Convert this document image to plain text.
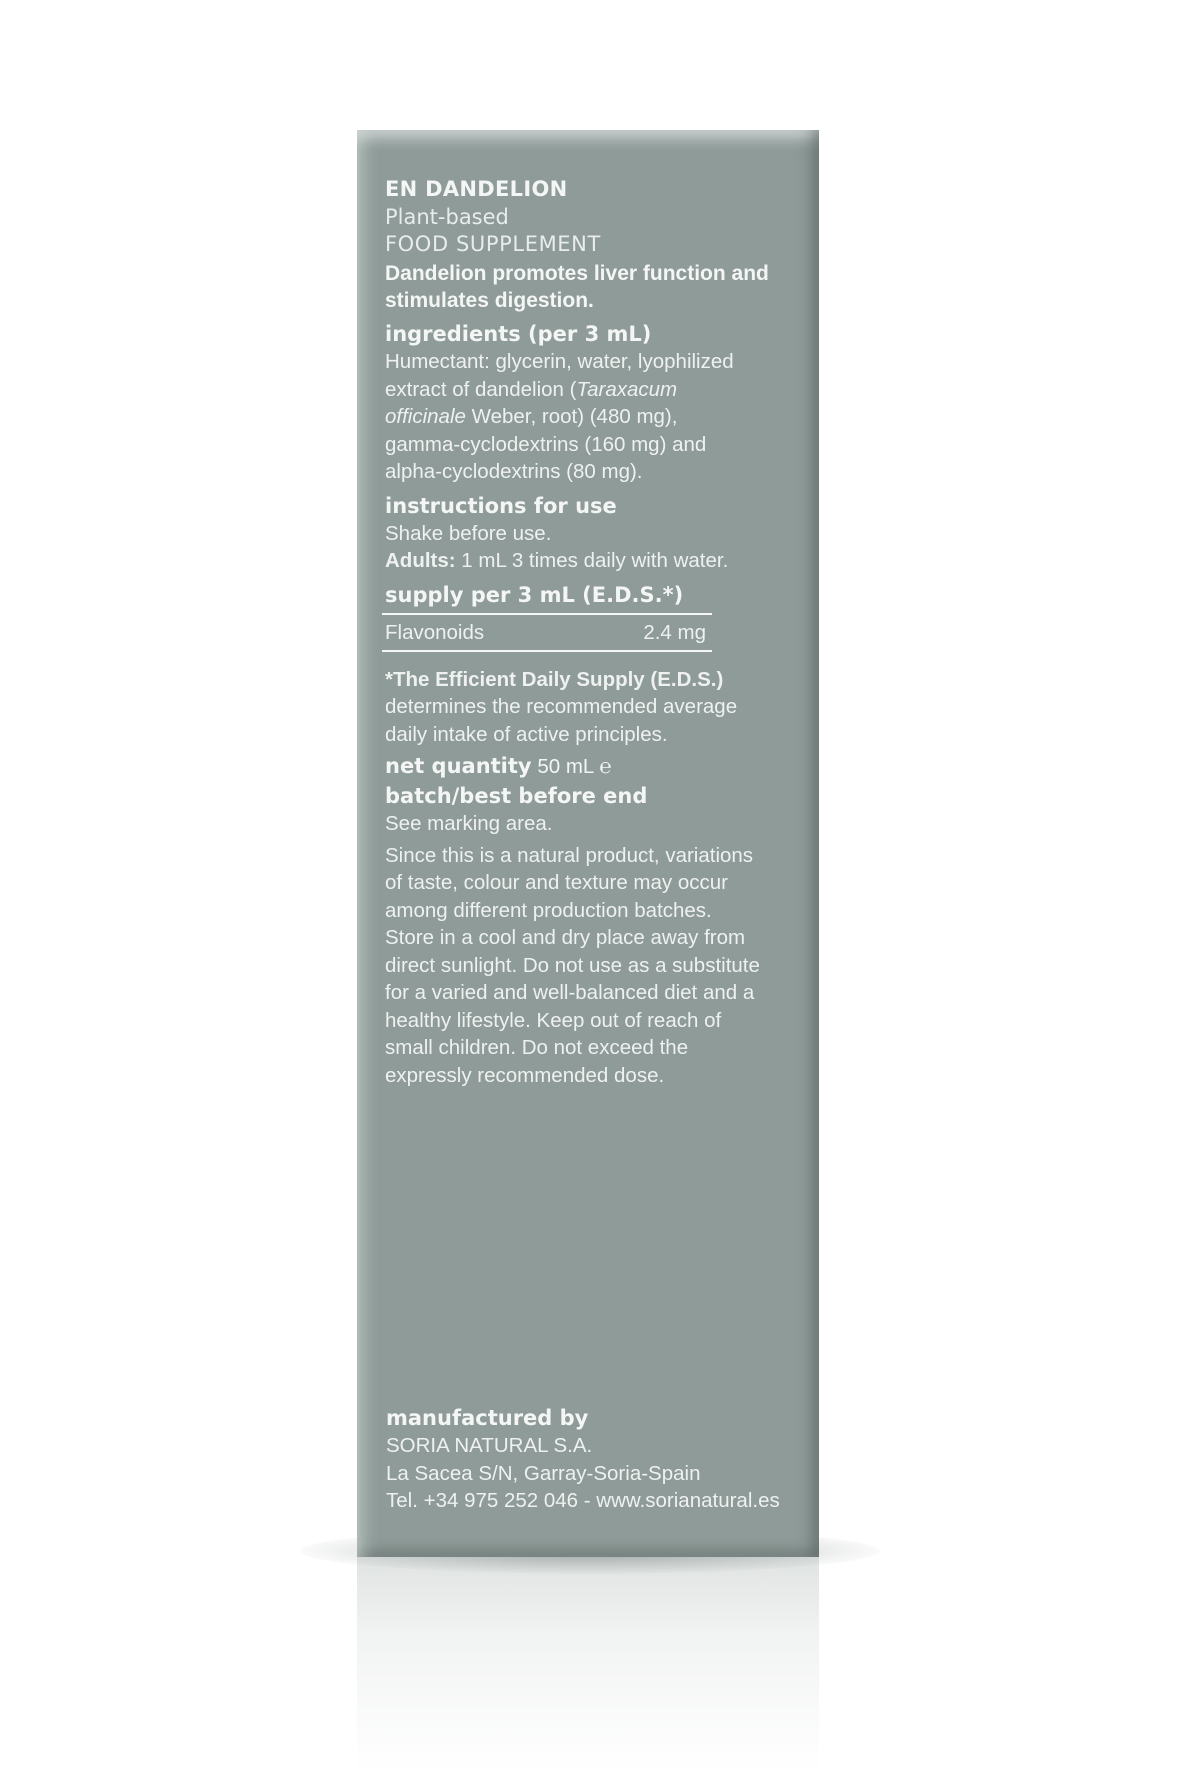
EN DANDELION
Plant-based
FOOD SUPPLEMENT
Dandelion promotes liver function and
stimulates digestion.
ingredients (per 3 mL)
Humectant: glycerin, water, lyophilized
extract of dandelion (Taraxacum
officinale Weber, root) (480 mg),
gamma-cyclodextrins (160 mg) and
alpha-cyclodextrins (80 mg).
instructions for use
Shake before use.
Adults: 1 mL 3 times daily with water.
supply per 3 mL (E.D.S.*)
Flavonoids	2.4 mg
*The Efficient Daily Supply (E.D.S.)
determines the recommended average
daily intake of active principles.
net quantity 50 mL ℮
batch/best before end
See marking area.
Since this is a natural product, variations
of taste, colour and texture may occur
among different production batches.
Store in a cool and dry place away from
direct sunlight. Do not use as a substitute
for a varied and well-balanced diet and a
healthy lifestyle. Keep out of reach of
small children. Do not exceed the
expressly recommended dose.
manufactured by
SORIA NATURAL S.A.
La Sacea S/N, Garray-Soria-Spain
Tel. +34 975 252 046 - www.sorianatural.es
